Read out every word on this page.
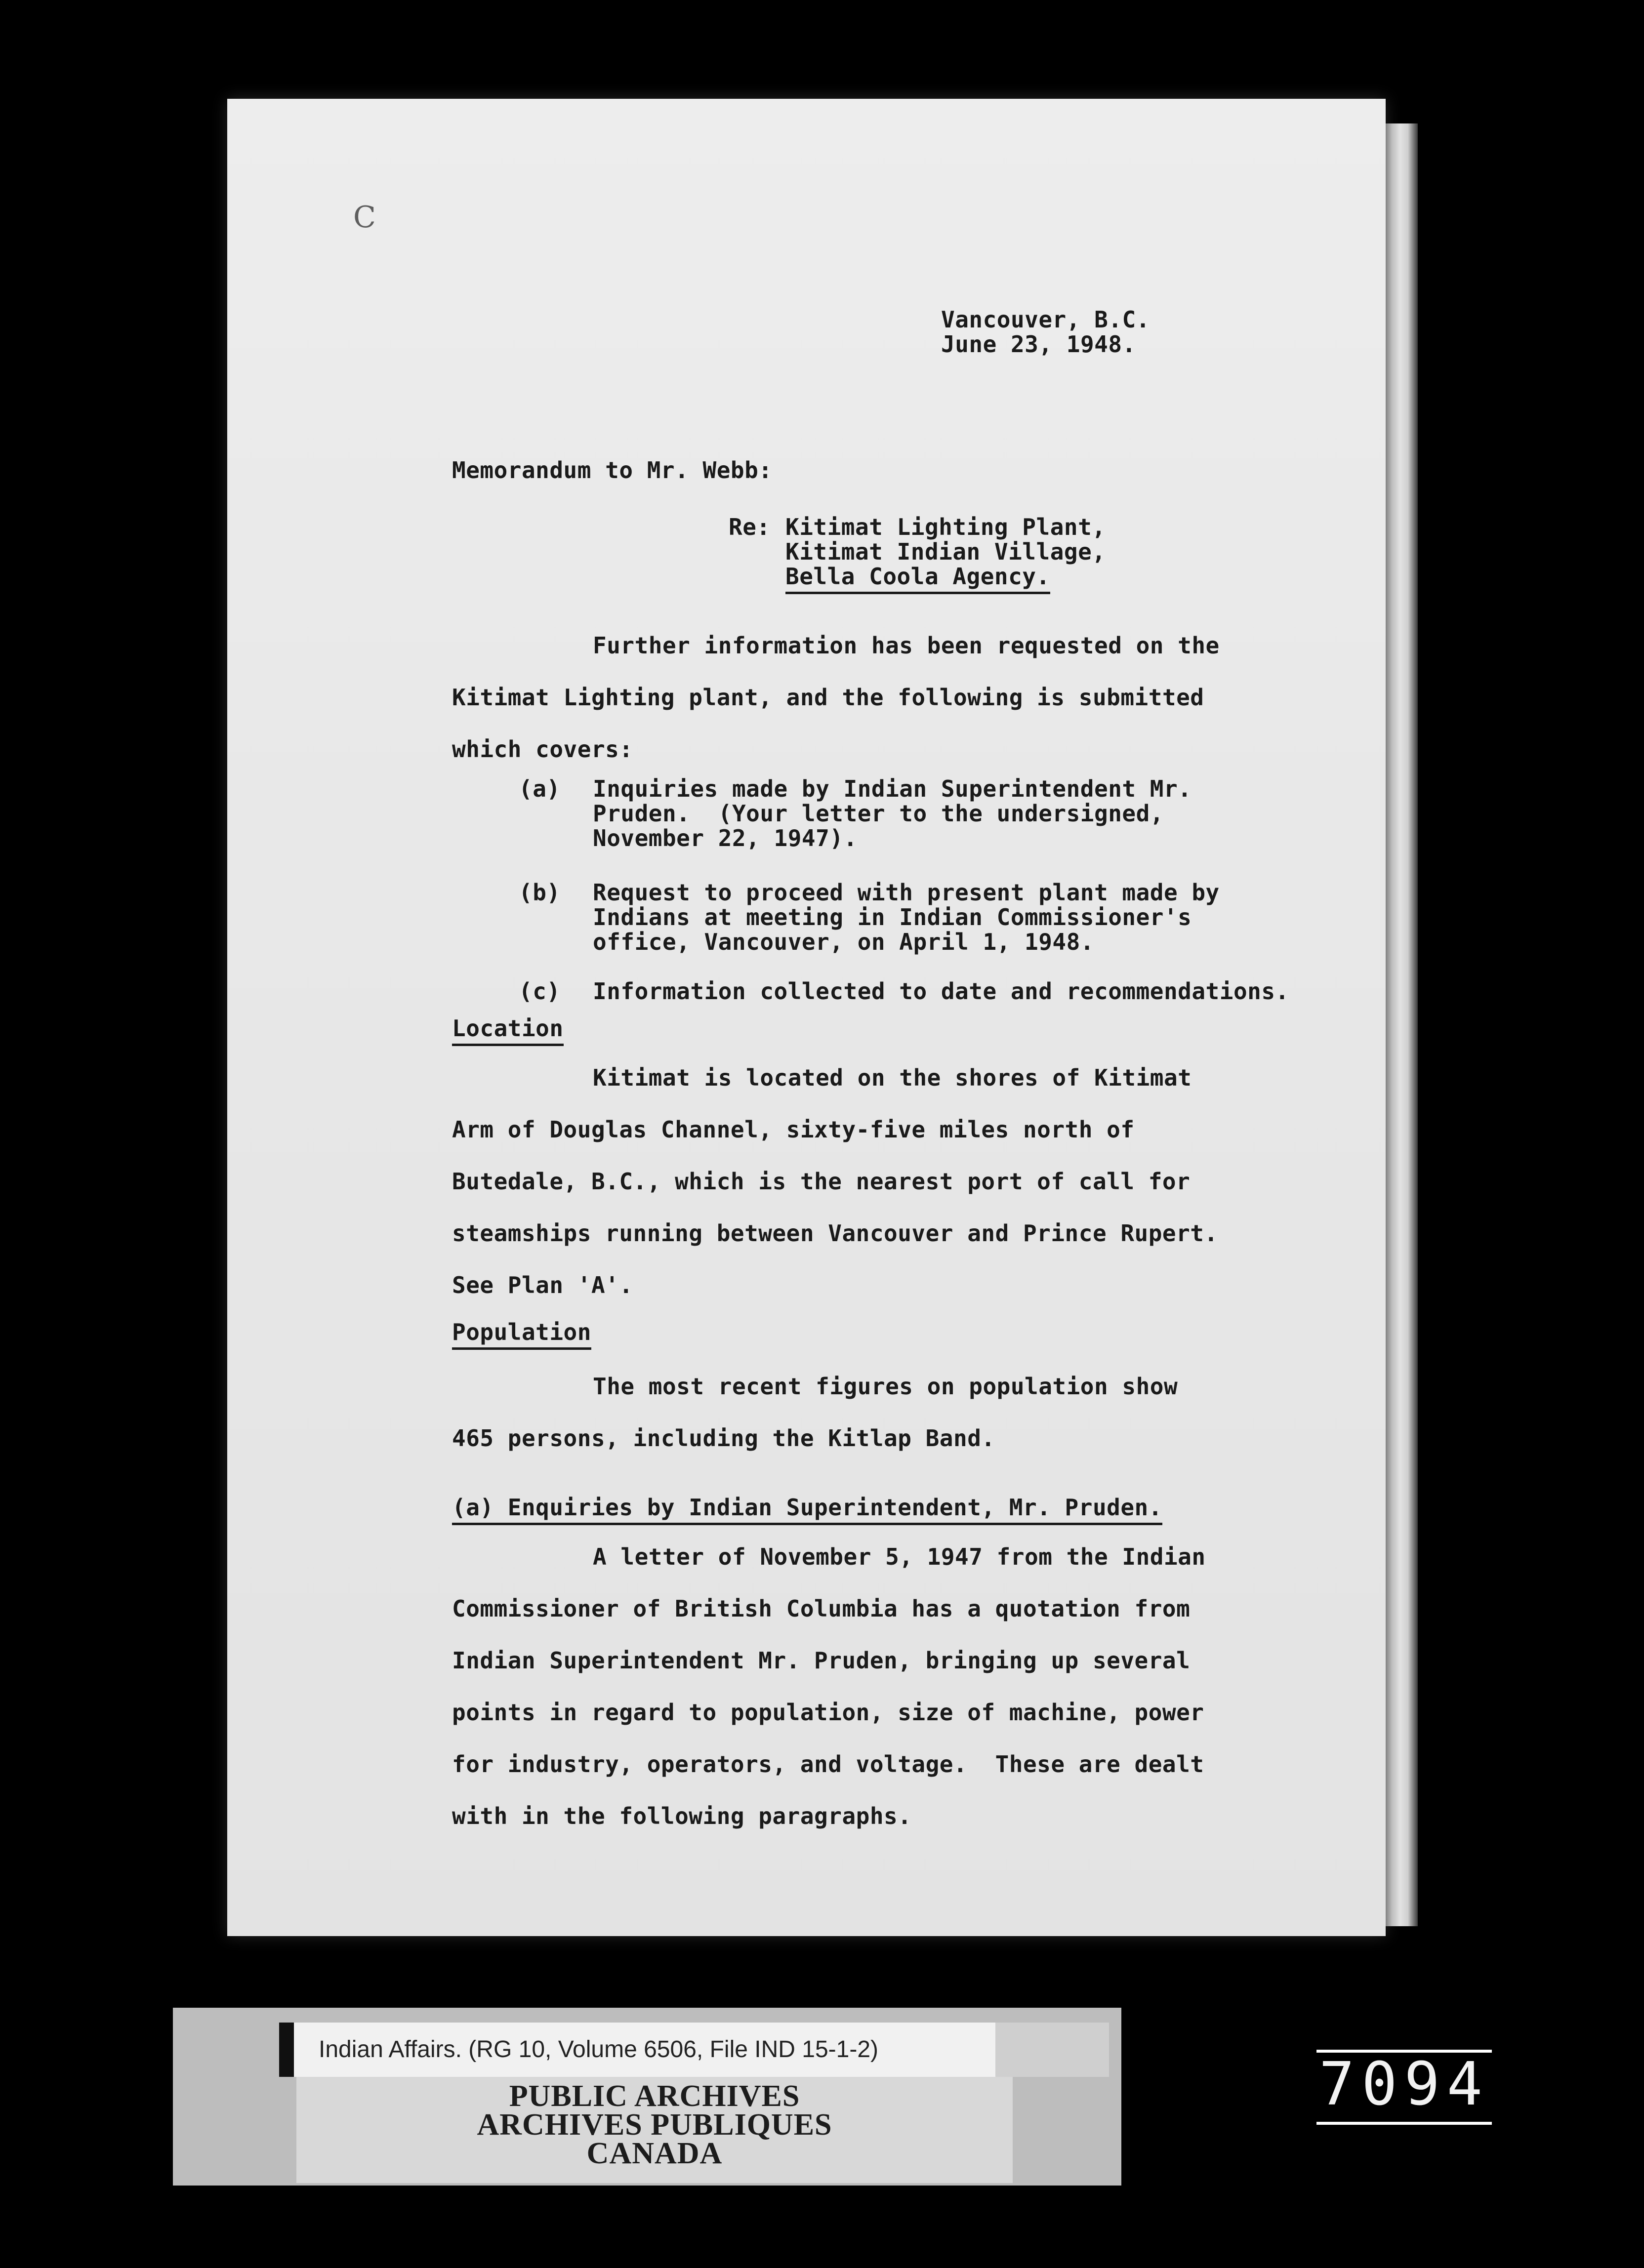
C
Vancouver, B.C.
June 23, 1948.
Memorandum to Mr. Webb:
Re: Kitimat Lighting Plant,
Kitimat Indian Village,
Bella Coola Agency.
Further information has been requested on the
Kitimat Lighting plant, and the following is submitted
which covers:
(a) Inquiries made by Indian Superintendent Mr.
Pruden.  (Your letter to the undersigned,
November 22, 1947).
(b) Request to proceed with present plant made by
Indians at meeting in Indian Commissioner's
office, Vancouver, on April 1, 1948.
(c) Information collected to date and recommendations.
Location
Kitimat is located on the shores of Kitimat
Arm of Douglas Channel, sixty-five miles north of
Butedale, B.C., which is the nearest port of call for
steamships running between Vancouver and Prince Rupert.
See Plan 'A'.
Population
The most recent figures on population show
465 persons, including the Kitlap Band.
(a) Enquiries by Indian Superintendent, Mr. Pruden.
A letter of November 5, 1947 from the Indian
Commissioner of British Columbia has a quotation from
Indian Superintendent Mr. Pruden, bringing up several
points in regard to population, size of machine, power
for industry, operators, and voltage.  These are dealt
with in the following paragraphs.
Indian Affairs. (RG 10, Volume 6506, File IND 15-1-2)
PUBLIC ARCHIVES
ARCHIVES PUBLIQUES
CANADA
7094
